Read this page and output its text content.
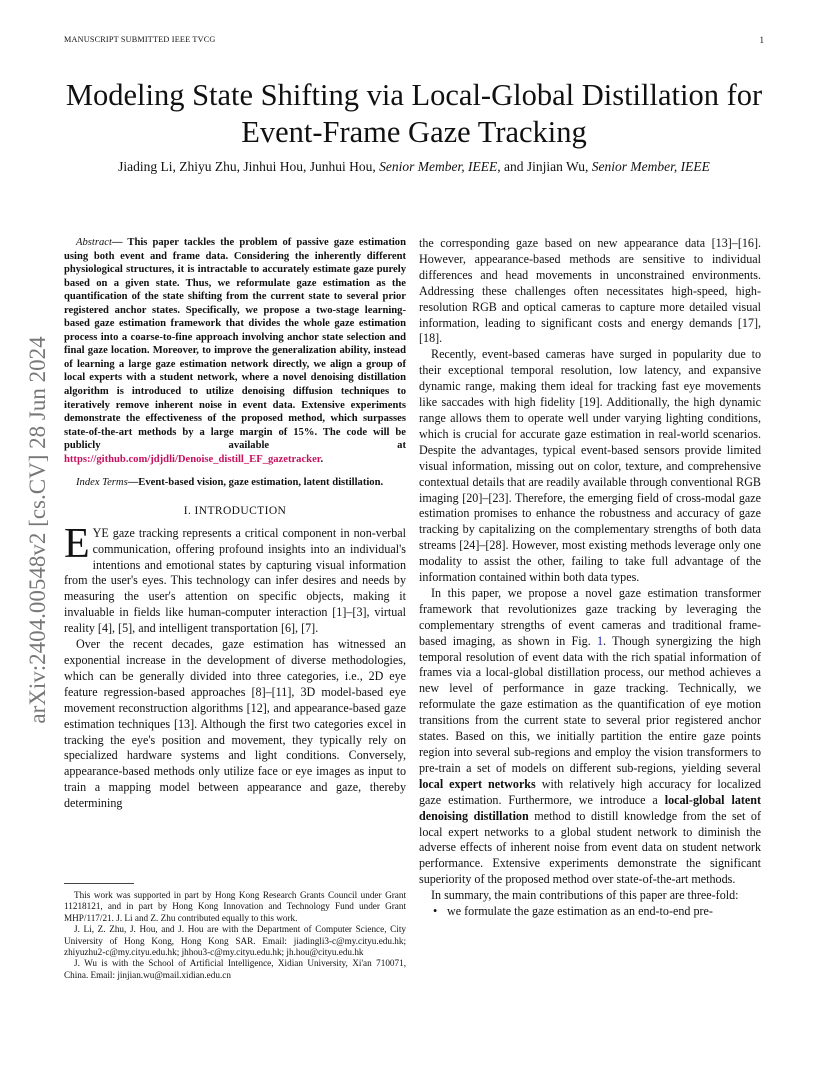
MANUSCRIPT SUBMITTED IEEE TVCG	1
arXiv:2404.00548v2 [cs.CV] 28 Jun 2024
Modeling State Shifting via Local-Global Distillation for Event-Frame Gaze Tracking
Jiading Li, Zhiyu Zhu, Jinhui Hou, Junhui Hou, Senior Member, IEEE, and Jinjian Wu, Senior Member, IEEE

Abstract— This paper tackles the problem of passive gaze estimation using both event and frame data. Considering the inherently different physiological structures, it is intractable to accurately estimate gaze purely based on a given state. Thus, we reformulate gaze estimation as the quantification of the state shifting from the current state to several prior registered anchor states. Specifically, we propose a two-stage learning-based gaze estimation framework that divides the whole gaze estimation process into a coarse-to-fine approach involving anchor state selection and final gaze location. Moreover, to improve the generalization ability, instead of learning a large gaze estimation network directly, we align a group of local experts with a student network, where a novel denoising distillation algorithm is introduced to utilize denoising diffusion techniques to iteratively remove inherent noise in event data. Extensive experiments demonstrate the effectiveness of the proposed method, which surpasses state-of-the-art methods by a large margin of 15%. The code will be publicly available at https://github.com/jdjdli/Denoise_distill_EF_gazetracker.

Index Terms—Event-based vision, gaze estimation, latent distillation.

I. INTRODUCTION

EYE gaze tracking represents a critical component in non-verbal communication, offering profound insights into an individual's intentions and emotional states by capturing visual information from the user's eyes. This technology can infer desires and needs by measuring the user's attention on specific objects, making it invaluable in fields like human-computer interaction [1]–[3], virtual reality [4], [5], and intelligent transportation [6], [7].

Over the recent decades, gaze estimation has witnessed an exponential increase in the development of diverse methodologies, which can be generally divided into three categories, i.e., 2D eye feature regression-based approaches [8]–[11], 3D model-based eye movement reconstruction algorithms [12], and appearance-based gaze estimation techniques [13]. Although the first two categories excel in tracking the eye's position and movement, they typically rely on specialized hardware systems and light conditions. Conversely, appearance-based methods only utilize face or eye images as input to train a mapping model between appearance and gaze, thereby determining

This work was supported in part by Hong Kong Research Grants Council under Grant 11218121, and in part by Hong Kong Innovation and Technology Fund under Grant MHP/117/21. J. Li and Z. Zhu contributed equally to this work.

J. Li, Z. Zhu, J. Hou, and J. Hou are with the Department of Computer Science, City University of Hong Kong, Hong Kong SAR. Email: jiadingli3-c@my.cityu.edu.hk; zhiyuzhu2-c@my.cityu.edu.hk; jhhou3-c@my.cityu.edu.hk; jh.hou@cityu.edu.hk

J. Wu is with the School of Artificial Intelligence, Xidian University, Xi'an 710071, China. Email: jinjian.wu@mail.xidian.edu.cn

the corresponding gaze based on new appearance data [13]–[16]. However, appearance-based methods are sensitive to individual differences and head movements in unconstrained environments. Addressing these challenges often necessitates high-speed, high-resolution RGB and optical cameras to capture more detailed visual information, leading to significant costs and energy demands [17], [18].

Recently, event-based cameras have surged in popularity due to their exceptional temporal resolution, low latency, and expansive dynamic range, making them ideal for tracking fast eye movements like saccades with high fidelity [19]. Additionally, the high dynamic range allows them to operate well under varying lighting conditions, which is crucial for accurate gaze estimation in real-world scenarios. Despite the advantages, typical event-based sensors provide limited visual information, missing out on color, texture, and comprehensive contextual details that are readily available through conventional RGB imaging [20]–[23]. Therefore, the emerging field of cross-modal gaze estimation promises to enhance the robustness and accuracy of gaze tracking by capitalizing on the complementary strengths of both data streams [24]–[28]. However, most existing methods leverage only one modality to assist the other, failing to take full advantage of the information contained within both data types.

In this paper, we propose a novel gaze estimation transformer framework that revolutionizes gaze tracking by leveraging the complementary strengths of event cameras and traditional frame-based imaging, as shown in Fig. 1. Though synergizing the high temporal resolution of event data with the rich spatial information of frames via a local-global distillation process, our method achieves a new level of performance in gaze tracking. Technically, we reformulate the gaze estimation as the quantification of eye motion transitions from the current state to several prior registered anchor states. Based on this, we initially partition the entire gaze points region into several sub-regions and employ the vision transformers to pre-train a set of models on different sub-regions, yielding several local expert networks with relatively high accuracy for localized gaze estimation. Furthermore, we introduce a local-global latent denoising distillation method to distill knowledge from the set of local expert networks to a global student network to diminish the adverse effects of inherent noise from event data on student network performance. Extensive experiments demonstrate the significant superiority of the proposed method over state-of-the-art methods.

In summary, the main contributions of this paper are three-fold:

• we formulate the gaze estimation as an end-to-end pre-
